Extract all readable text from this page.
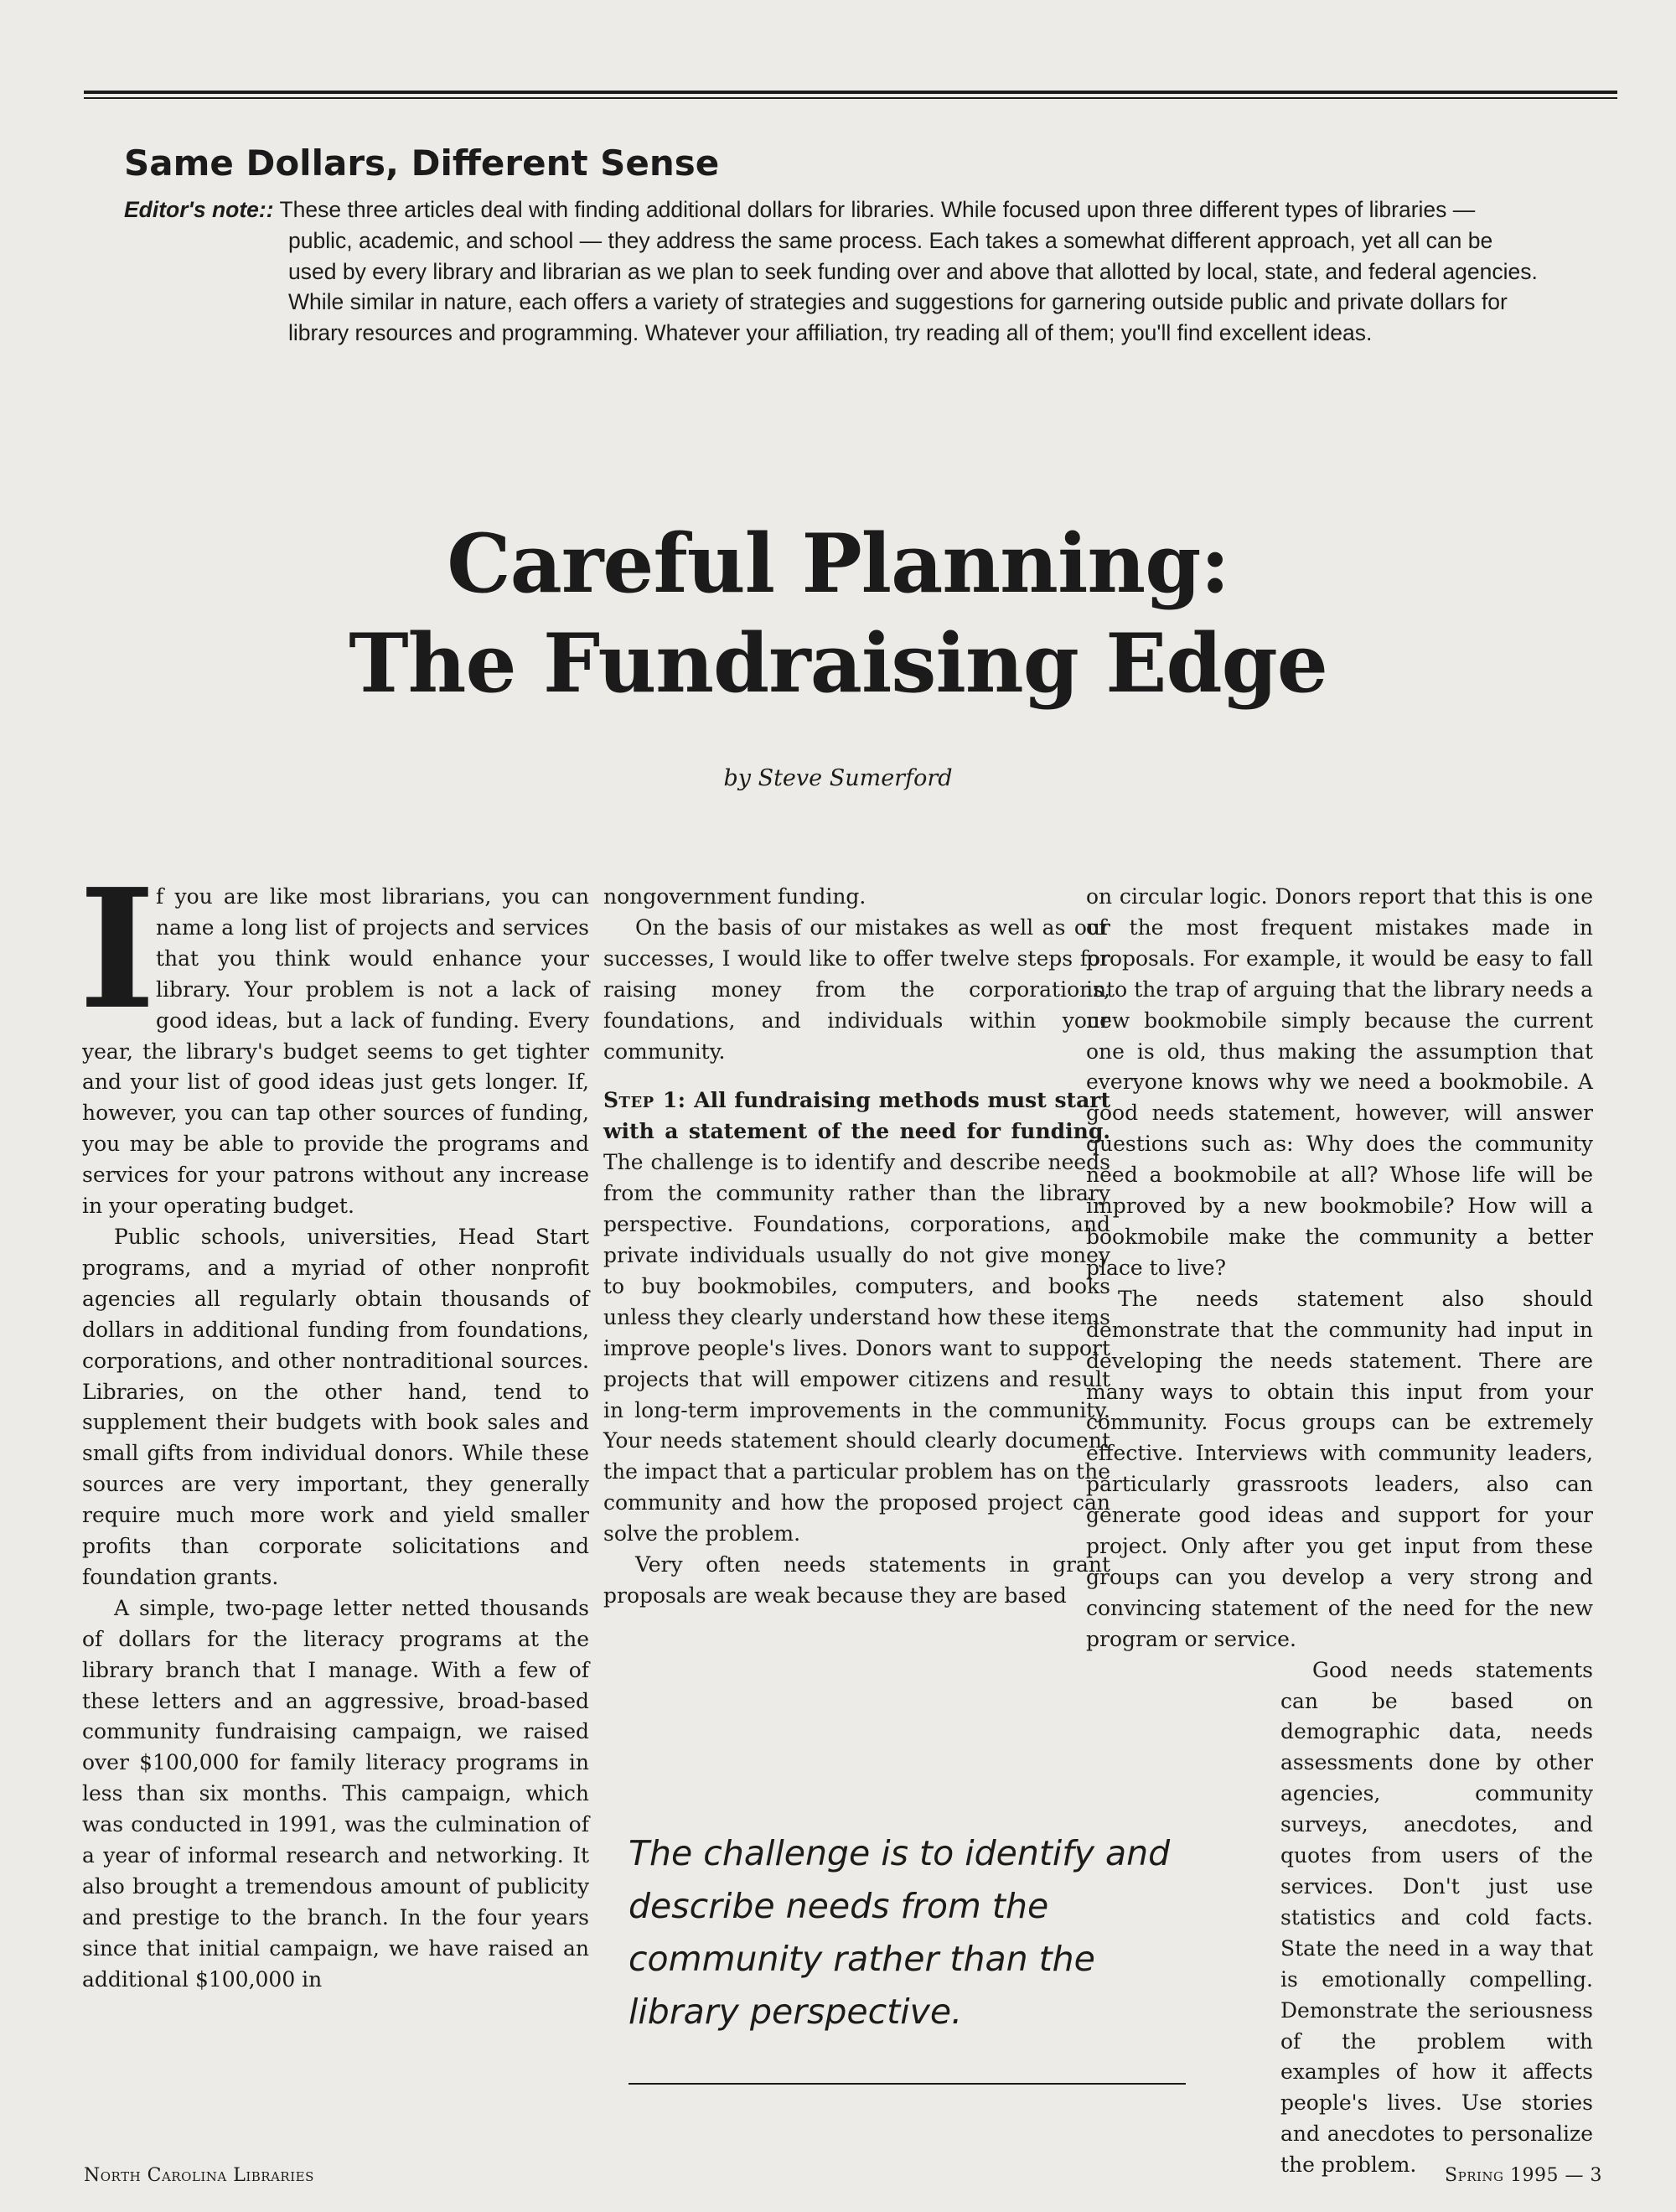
Same Dollars, Different Sense

Editor's note:: These three articles deal with finding additional dollars for libraries. While focused upon three different types of libraries — public, academic, and school — they address the same process. Each takes a somewhat different approach, yet all can be used by every library and librarian as we plan to seek funding over and above that allotted by local, state, and federal agencies. While similar in nature, each offers a variety of strategies and suggestions for garnering outside public and private dollars for library resources and programming. Whatever your affiliation, try reading all of them; you'll find excellent ideas.

Careful Planning:
The Fundraising Edge
by Steve Sumerford
I f you are like most librarians, you can name a long list of projects and services that you think would enhance your library. Your problem is not a lack of good ideas, but a lack of funding. Every year, the library's budget seems to get tighter and your list of good ideas just gets longer. If, however, you can tap other sources of funding, you may be able to provide the programs and services for your patrons without any increase in your operating budget.

Public schools, universities, Head Start programs, and a myriad of other nonprofit agencies all regularly obtain thousands of dollars in additional funding from foundations, corporations, and other nontraditional sources. Libraries, on the other hand, tend to supplement their budgets with book sales and small gifts from individual donors. While these sources are very important, they generally require much more work and yield smaller profits than corporate solicitations and foundation grants.

A simple, two-page letter netted thousands of dollars for the literacy programs at the library branch that I manage. With a few of these letters and an aggressive, broad-based community fundraising campaign, we raised over $100,000 for family literacy programs in less than six months. This campaign, which was conducted in 1991, was the culmination of a year of informal research and networking. It also brought a tremendous amount of publicity and prestige to the branch. In the four years since that initial campaign, we have raised an additional $100,000 in

nongovernment funding.

On the basis of our mistakes as well as our successes, I would like to offer twelve steps for raising money from the corporations, foundations, and individuals within your community.

Step 1: All fundraising methods must start with a statement of the need for funding. The challenge is to identify and describe needs from the community rather than the library perspective. Foundations, corporations, and private individuals usually do not give money to buy bookmobiles, computers, and books unless they clearly understand how these items improve people's lives. Donors want to support projects that will empower citizens and result in long-term improvements in the community. Your needs statement should clearly document the impact that a particular problem has on the community and how the proposed project can solve the problem.

Very often needs statements in grant proposals are weak because they are based

on circular logic. Donors report that this is one of the most frequent mistakes made in proposals. For example, it would be easy to fall into the trap of arguing that the library needs a new bookmobile simply because the current one is old, thus making the assumption that everyone knows why we need a bookmobile. A good needs statement, however, will answer questions such as: Why does the community need a bookmobile at all? Whose life will be improved by a new bookmobile? How will a bookmobile make the community a better place to live?

The needs statement also should demonstrate that the community had input in developing the needs statement. There are many ways to obtain this input from your community. Focus groups can be extremely effective. Interviews with community leaders, particularly grassroots leaders, also can generate good ideas and support for your project. Only after you get input from these groups can you develop a very strong and convincing statement of the need for the new program or service.

Good needs statements can be based on demographic data, needs assessments done by other agencies, community surveys, anecdotes, and quotes from users of the services. Don't just use statistics and cold facts. State the need in a way that is emotionally compelling. Demonstrate the seriousness of the problem with examples of how it affects people's lives. Use stories and anecdotes to personalize the problem.

The challenge is to identify and describe needs from the community rather than the library perspective.

North Carolina Libraries	Spring 1995 — 3
